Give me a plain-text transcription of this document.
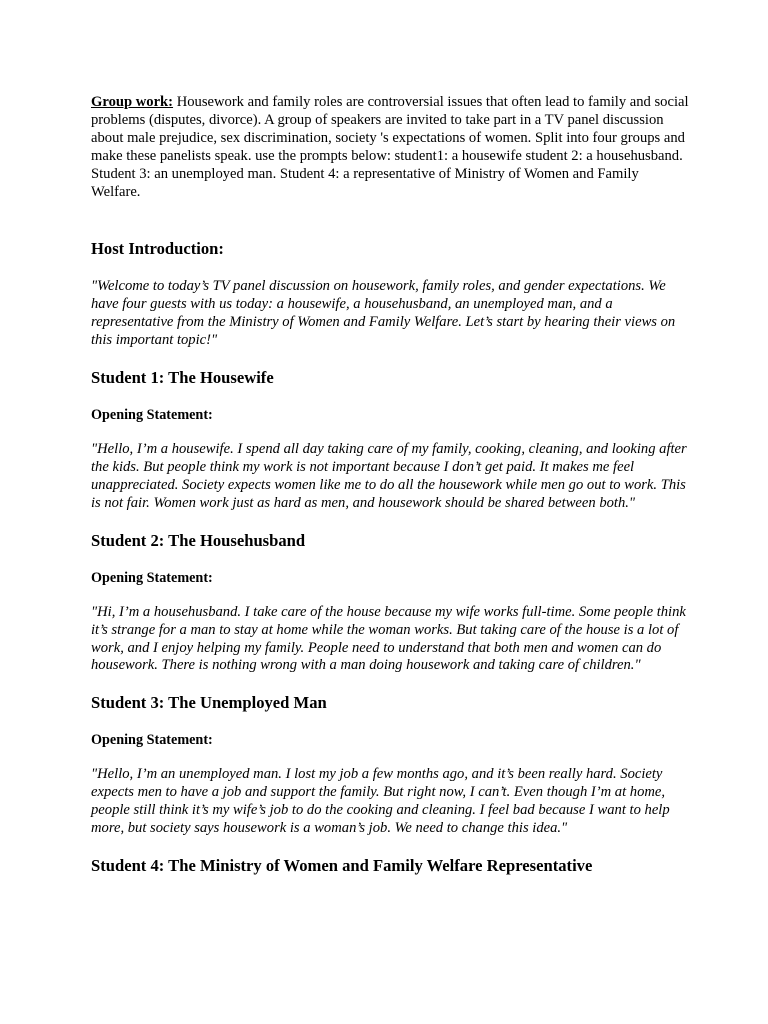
Group work: Housework and family roles are controversial issues that often lead to family and social problems (disputes, divorce). A group of speakers are invited to take part in a TV panel discussion about male prejudice, sex discrimination, society 's expectations of women. Split into four groups and make these panelists speak. use the prompts below: student1: a housewife student 2: a househusband. Student 3: an unemployed man. Student 4: a representative of Ministry of Women and Family Welfare.

Host Introduction:

"Welcome to today’s TV panel discussion on housework, family roles, and gender expectations. We have four guests with us today: a housewife, a househusband, an unemployed man, and a representative from the Ministry of Women and Family Welfare. Let’s start by hearing their views on this important topic!"

Student 1: The Housewife
Opening Statement:

"Hello, I’m a housewife. I spend all day taking care of my family, cooking, cleaning, and looking after the kids. But people think my work is not important because I don’t get paid. It makes me feel unappreciated. Society expects women like me to do all the housework while men go out to work. This is not fair. Women work just as hard as men, and housework should be shared between both."

Student 2: The Househusband
Opening Statement:

"Hi, I’m a househusband. I take care of the house because my wife works full-time. Some people think it’s strange for a man to stay at home while the woman works. But taking care of the house is a lot of work, and I enjoy helping my family. People need to understand that both men and women can do housework. There is nothing wrong with a man doing housework and taking care of children."

Student 3: The Unemployed Man
Opening Statement:

"Hello, I’m an unemployed man. I lost my job a few months ago, and it’s been really hard. Society expects men to have a job and support the family. But right now, I can’t. Even though I’m at home, people still think it’s my wife’s job to do the cooking and cleaning. I feel bad because I want to help more, but society says housework is a woman’s job. We need to change this idea."

Student 4: The Ministry of Women and Family Welfare Representative
